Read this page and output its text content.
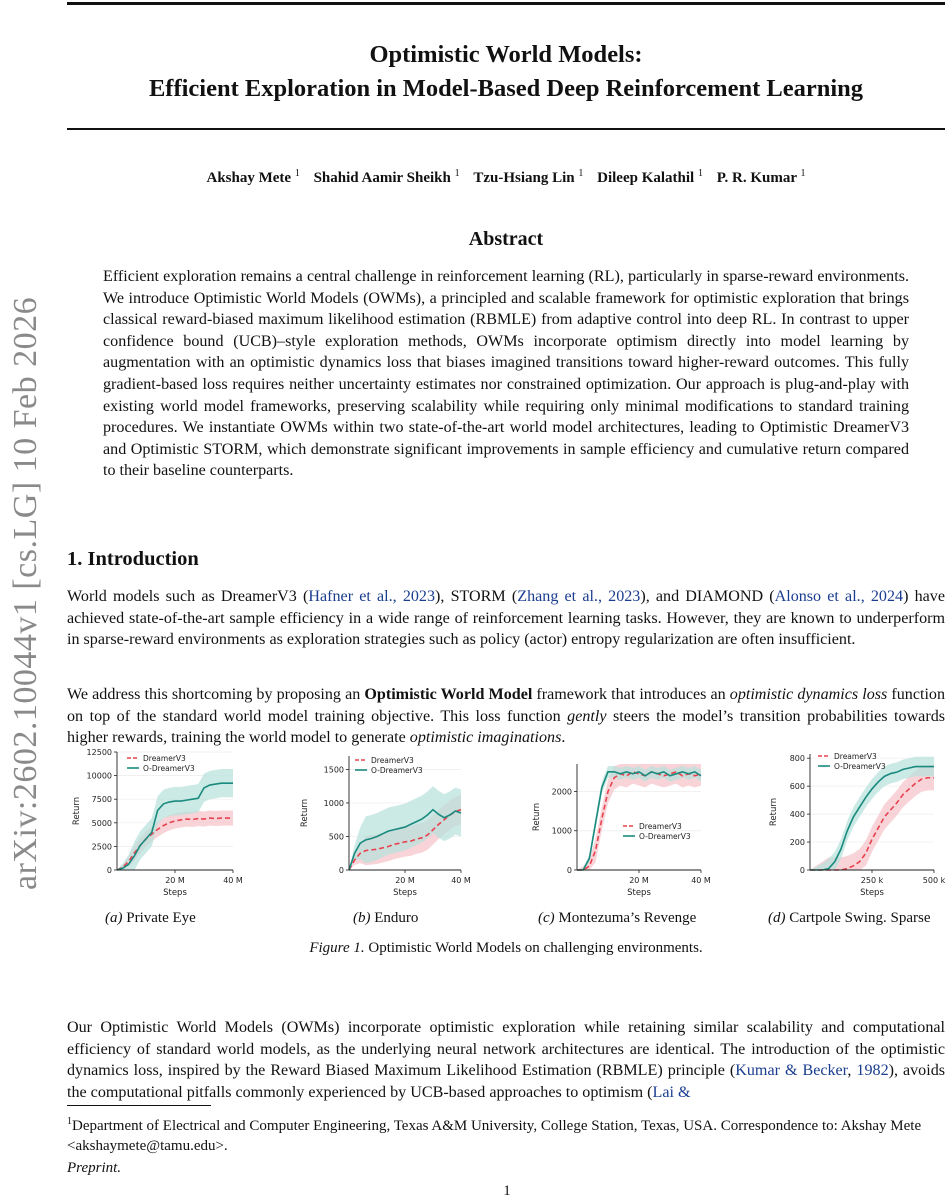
arXiv:2602.10044v1 [cs.LG] 10 Feb 2026
Optimistic World Models:
Efficient Exploration in Model-Based Deep Reinforcement Learning
Akshay Mete $^1$ Shahid Aamir Sheikh $^1$ Tzu-Hsiang Lin $^1$ Dileep Kalathil $^1$ P. R. Kumar $^1$
Abstract
Efficient exploration remains a central challenge in reinforcement learning (RL), particularly in sparse-reward environments. We introduce Optimistic World Models (OWMs), a principled and scalable framework for optimistic exploration that brings classical reward-biased maximum likelihood estimation (RBMLE) from adaptive control into deep RL. In contrast to upper confidence bound (UCB)–style exploration methods, OWMs incorporate optimism directly into model learning by augmentation with an optimistic dynamics loss that biases imagined transitions toward higher-reward outcomes. This fully gradient-based loss requires neither uncertainty estimates nor constrained optimization. Our approach is plug-and-play with existing world model frameworks, preserving scalability while requiring only minimal modifications to standard training procedures. We instantiate OWMs within two state-of-the-art world model architectures, leading to Optimistic DreamerV3 and Optimistic STORM, which demonstrate significant improvements in sample efficiency and cumulative return compared to their baseline counterparts.
1. Introduction
World models such as DreamerV3 (Hafner et al., 2023), STORM (Zhang et al., 2023), and DIAMOND (Alonso et al., 2024) have achieved state-of-the-art sample efficiency in a wide range of reinforcement learning tasks. However, they are known to underperform in sparse-reward environments as exploration strategies such as policy (actor) entropy regularization are often insufficient.
We address this shortcoming by proposing an Optimistic World Model framework that introduces an optimistic dynamics loss function on top of the standard world model training objective. This loss function gently steers the model’s transition probabilities towards higher rewards, training the world model to generate optimistic imaginations.
0
2500
5000
7500
10000
12500
20 M	40 M
Steps
Return
DreamerV3
O-DreamerV3
0
500
1000
1500
20 M	40 M
Steps
Return
DreamerV3
O-DreamerV3
0
1000
2000
20 M	40 M
Steps
Return	DreamerV3
O-DreamerV3
0
200
400
600
800
250 k	500 k
Steps
Return
DreamerV3
O-DreamerV3
(a) Private Eye	(b) Enduro	(c) Montezuma’s Revenge	(d) Cartpole Swing. Sparse
Figure 1. Optimistic World Models on challenging environments.
Our Optimistic World Models (OWMs) incorporate optimistic exploration while retaining similar scalability and computational efficiency of standard world models, as the underlying neural network architectures are identical. The introduction of the optimistic dynamics loss, inspired by the Reward Biased Maximum Likelihood Estimation (RBMLE) principle (Kumar & Becker, 1982), avoids the computational pitfalls commonly experienced by UCB-based approaches to optimism (Lai &
$^1$Department of Electrical and Computer Engineering, Texas A&M University, College Station, Texas, USA. Correspondence to: Akshay Mete <akshaymete@tamu.edu>.
Preprint.
1
